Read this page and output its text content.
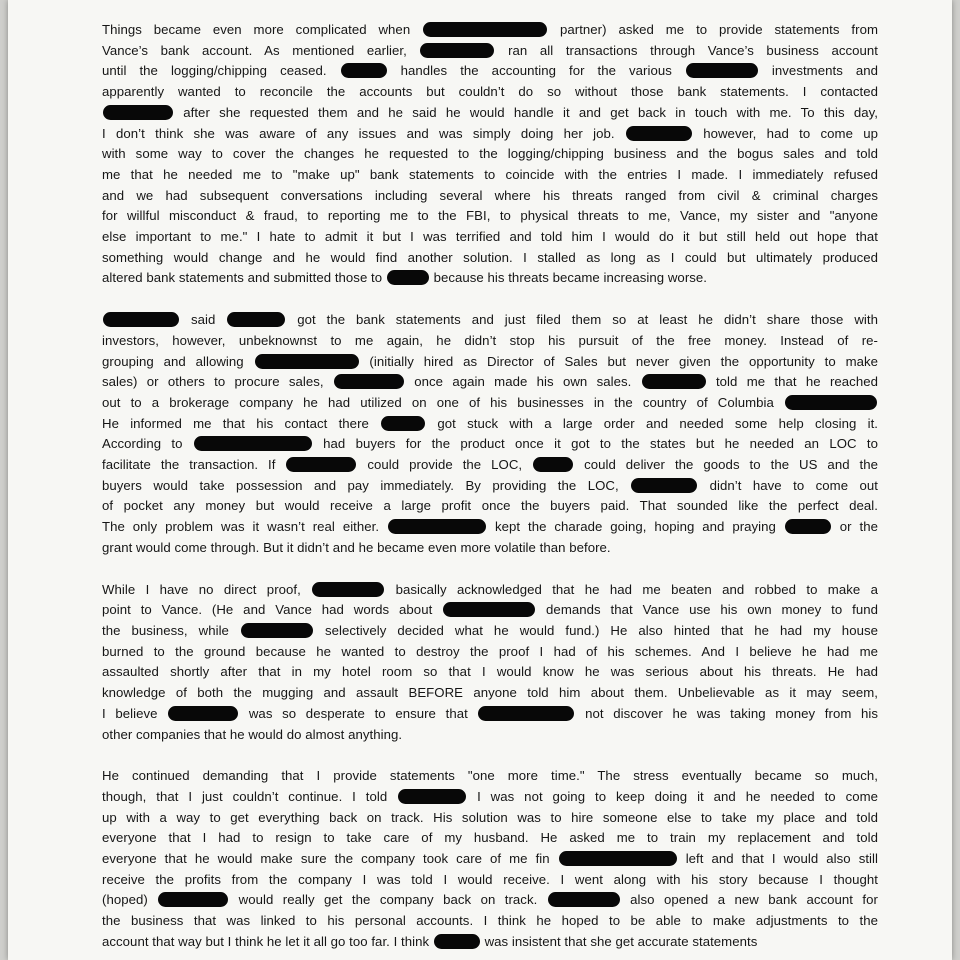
Things became even more complicated when	partner) asked me to provide statements from
Vance’s bank account. As mentioned earlier,	ran all transactions through Vance’s business account
until the logging/chipping ceased.	handles the accounting for the various	investments and
apparently wanted to reconcile the accounts but couldn’t do so without those bank statements. I contacted
after she requested them and he said he would handle it and get back in touch with me. To this day,
I don’t think she was aware of any issues and was simply doing her job.	however, had to come up
with some way to cover the changes he requested to the logging/chipping business and the bogus sales and told
me that he needed me to "make up" bank statements to coincide with the entries I made. I immediately refused
and we had subsequent conversations including several where his threats ranged from civil & criminal charges
for willful misconduct & fraud, to reporting me to the FBI, to physical threats to me, Vance, my sister and "anyone
else important to me." I hate to admit it but I was terrified and told him I would do it but still held out hope that
something would change and he would find another solution. I stalled as long as I could but ultimately produced
altered bank statements and submitted those to	because his threats became increasing worse.
said	got the bank statements and just filed them so at least he didn’t share those with
investors, however, unbeknownst to me again, he didn’t stop his pursuit of the free money. Instead of re-
grouping and allowing	(initially hired as Director of Sales but never given the opportunity to make
sales) or others to procure sales,	once again made his own sales.	told me that he reached
out to a brokerage company he had utilized on one of his businesses in the country of Columbia
He informed me that his contact there	got stuck with a large order and needed some help closing it.
According to	had buyers for the product once it got to the states but he needed an LOC to
facilitate the transaction. If	could provide the LOC,	could deliver the goods to the US and the
buyers would take possession and pay immediately. By providing the LOC,	didn’t have to come out
of pocket any money but would receive a large profit once the buyers paid. That sounded like the perfect deal.
The only problem was it wasn’t real either.	kept the charade going, hoping and praying	or the
grant would come through. But it didn’t and he became even more volatile than before.
While I have no direct proof,	basically acknowledged that he had me beaten and robbed to make a
point to Vance. (He and Vance had words about	demands that Vance use his own money to fund
the business, while	selectively decided what he would fund.) He also hinted that he had my house
burned to the ground because he wanted to destroy the proof I had of his schemes. And I believe he had me
assaulted shortly after that in my hotel room so that I would know he was serious about his threats. He had
knowledge of both the mugging and assault BEFORE anyone told him about them. Unbelievable as it may seem,
I believe	was so desperate to ensure that	not discover he was taking money from his
other companies that he would do almost anything.
He continued demanding that I provide statements "one more time." The stress eventually became so much,
though, that I just couldn’t continue. I told	I was not going to keep doing it and he needed to come
up with a way to get everything back on track. His solution was to hire someone else to take my place and told
everyone that I had to resign to take care of my husband. He asked me to train my replacement and told
everyone that he would make sure the company took care of me fin	left and that I would also still
receive the profits from the company I was told I would receive. I went along with his story because I thought
(hoped)	would really get the company back on track.	also opened a new bank account for
the business that was linked to his personal accounts. I think he hoped to be able to make adjustments to the
account that way but I think he let it all go too far. I think	was insistent that she get accurate statements
